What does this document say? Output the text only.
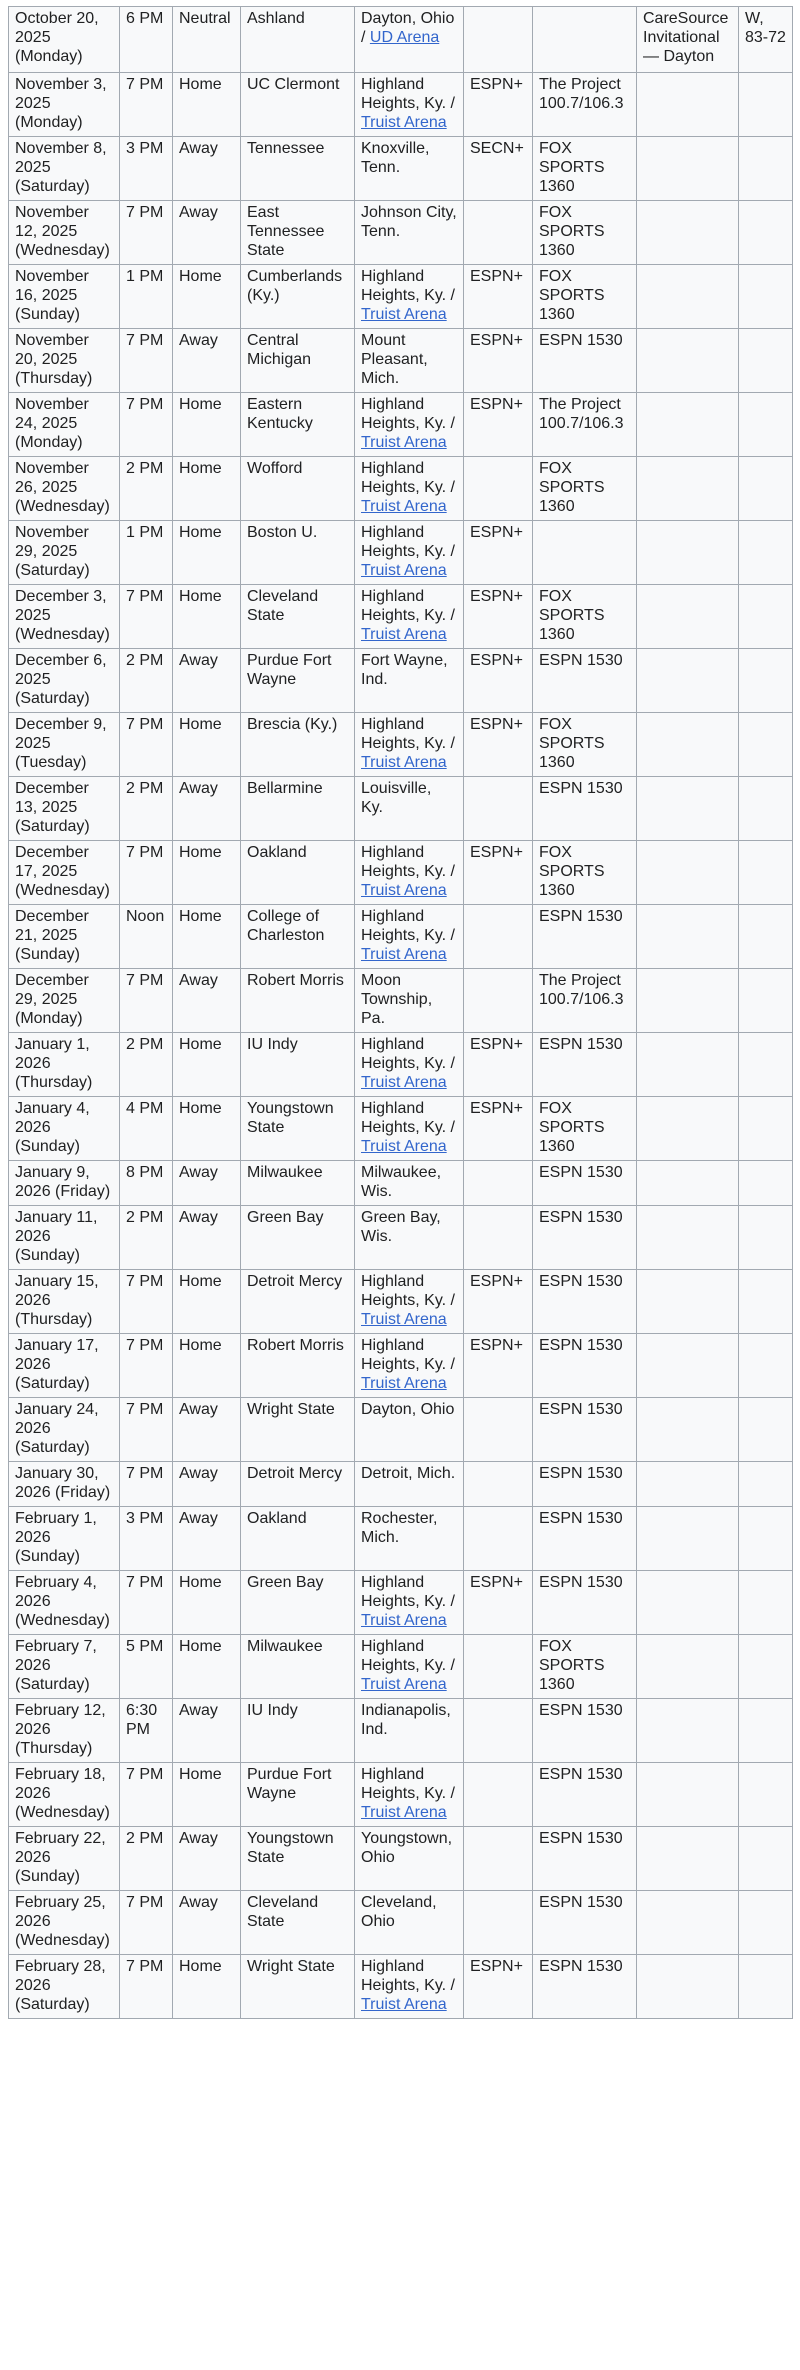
October 20, 2025 (Monday)	6 PM	Neutral	Ashland	Dayton, Ohio / UD Arena			CareSource Invitational — Dayton	W, 83-72
November 3, 2025 (Monday)	7 PM	Home	UC Clermont	Highland Heights, Ky. / Truist Arena	ESPN+	The Project 100.7/106.3		
November 8, 2025 (Saturday)	3 PM	Away	Tennessee	Knoxville, Tenn.	SECN+	FOX SPORTS 1360		
November 12, 2025 (Wednesday)	7 PM	Away	East Tennessee State	Johnson City, Tenn.		FOX SPORTS 1360		
November 16, 2025 (Sunday)	1 PM	Home	Cumberlands (Ky.)	Highland Heights, Ky. / Truist Arena	ESPN+	FOX SPORTS 1360		
November 20, 2025 (Thursday)	7 PM	Away	Central Michigan	Mount Pleasant, Mich.	ESPN+	ESPN 1530		
November 24, 2025 (Monday)	7 PM	Home	Eastern Kentucky	Highland Heights, Ky. / Truist Arena	ESPN+	The Project 100.7/106.3		
November 26, 2025 (Wednesday)	2 PM	Home	Wofford	Highland Heights, Ky. / Truist Arena		FOX SPORTS 1360		
November 29, 2025 (Saturday)	1 PM	Home	Boston U.	Highland Heights, Ky. / Truist Arena	ESPN+			
December 3, 2025 (Wednesday)	7 PM	Home	Cleveland State	Highland Heights, Ky. / Truist Arena	ESPN+	FOX SPORTS 1360		
December 6, 2025 (Saturday)	2 PM	Away	Purdue Fort Wayne	Fort Wayne, Ind.	ESPN+	ESPN 1530		
December 9, 2025 (Tuesday)	7 PM	Home	Brescia (Ky.)	Highland Heights, Ky. / Truist Arena	ESPN+	FOX SPORTS 1360		
December 13, 2025 (Saturday)	2 PM	Away	Bellarmine	Louisville, Ky.		ESPN 1530		
December 17, 2025 (Wednesday)	7 PM	Home	Oakland	Highland Heights, Ky. / Truist Arena	ESPN+	FOX SPORTS 1360		
December 21, 2025 (Sunday)	Noon	Home	College of Charleston	Highland Heights, Ky. / Truist Arena		ESPN 1530		
December 29, 2025 (Monday)	7 PM	Away	Robert Morris	Moon Township, Pa.		The Project 100.7/106.3		
January 1, 2026 (Thursday)	2 PM	Home	IU Indy	Highland Heights, Ky. / Truist Arena	ESPN+	ESPN 1530		
January 4, 2026 (Sunday)	4 PM	Home	Youngstown State	Highland Heights, Ky. / Truist Arena	ESPN+	FOX SPORTS 1360		
January 9, 2026 (Friday)	8 PM	Away	Milwaukee	Milwaukee, Wis.		ESPN 1530		
January 11, 2026 (Sunday)	2 PM	Away	Green Bay	Green Bay, Wis.		ESPN 1530		
January 15, 2026 (Thursday)	7 PM	Home	Detroit Mercy	Highland Heights, Ky. / Truist Arena	ESPN+	ESPN 1530		
January 17, 2026 (Saturday)	7 PM	Home	Robert Morris	Highland Heights, Ky. / Truist Arena	ESPN+	ESPN 1530		
January 24, 2026 (Saturday)	7 PM	Away	Wright State	Dayton, Ohio		ESPN 1530		
January 30, 2026 (Friday)	7 PM	Away	Detroit Mercy	Detroit, Mich.		ESPN 1530		
February 1, 2026 (Sunday)	3 PM	Away	Oakland	Rochester, Mich.		ESPN 1530		
February 4, 2026 (Wednesday)	7 PM	Home	Green Bay	Highland Heights, Ky. / Truist Arena	ESPN+	ESPN 1530		
February 7, 2026 (Saturday)	5 PM	Home	Milwaukee	Highland Heights, Ky. / Truist Arena		FOX SPORTS 1360		
February 12, 2026 (Thursday)	6:30 PM	Away	IU Indy	Indianapolis, Ind.		ESPN 1530		
February 18, 2026 (Wednesday)	7 PM	Home	Purdue Fort Wayne	Highland Heights, Ky. / Truist Arena		ESPN 1530		
February 22, 2026 (Sunday)	2 PM	Away	Youngstown State	Youngstown, Ohio		ESPN 1530		
February 25, 2026 (Wednesday)	7 PM	Away	Cleveland State	Cleveland, Ohio		ESPN 1530		
February 28, 2026 (Saturday)	7 PM	Home	Wright State	Highland Heights, Ky. / Truist Arena	ESPN+	ESPN 1530		
